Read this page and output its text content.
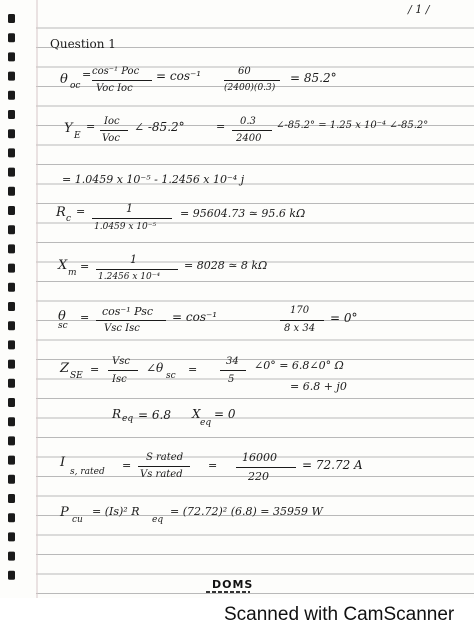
/ 1 /
Question 1
θ oc
= cos⁻¹ Poc
Voc Ioc
= cos⁻¹	60
(2400)(0.3)
= 85.2°
Y E
= Ioc
Voc
∠ -85.2°	= 0.3
2400
∠-85.2° = 1.25 x 10⁻⁴ ∠-85.2°
= 1.0459 x 10⁻⁵ - 1.2456 x 10⁻⁴ j
R c
=	1
1.0459 x 10⁻⁵
= 95604.73 ≃ 95.6 kΩ
X m =
1
1.2456 x 10⁻⁴
= 8028 ≃ 8 kΩ
θ
sc
= cos⁻¹ Psc
Vsc Isc
= cos⁻¹	170
8 x 34
= 0°
Z SE =
Vsc
Isc
∠θ
sc =
34
5
∠0° = 6.8∠0° Ω
= 6.8 + j0
R eq = 6.8 X
eq
= 0
I
s, rated =
S rated
Vs rated
=
16000
220
= 72.72 A
P cu
= (Is)² R
eq
= (72.72)² (6.8) = 35959 W
DOMS
Scanned with CamScanner
